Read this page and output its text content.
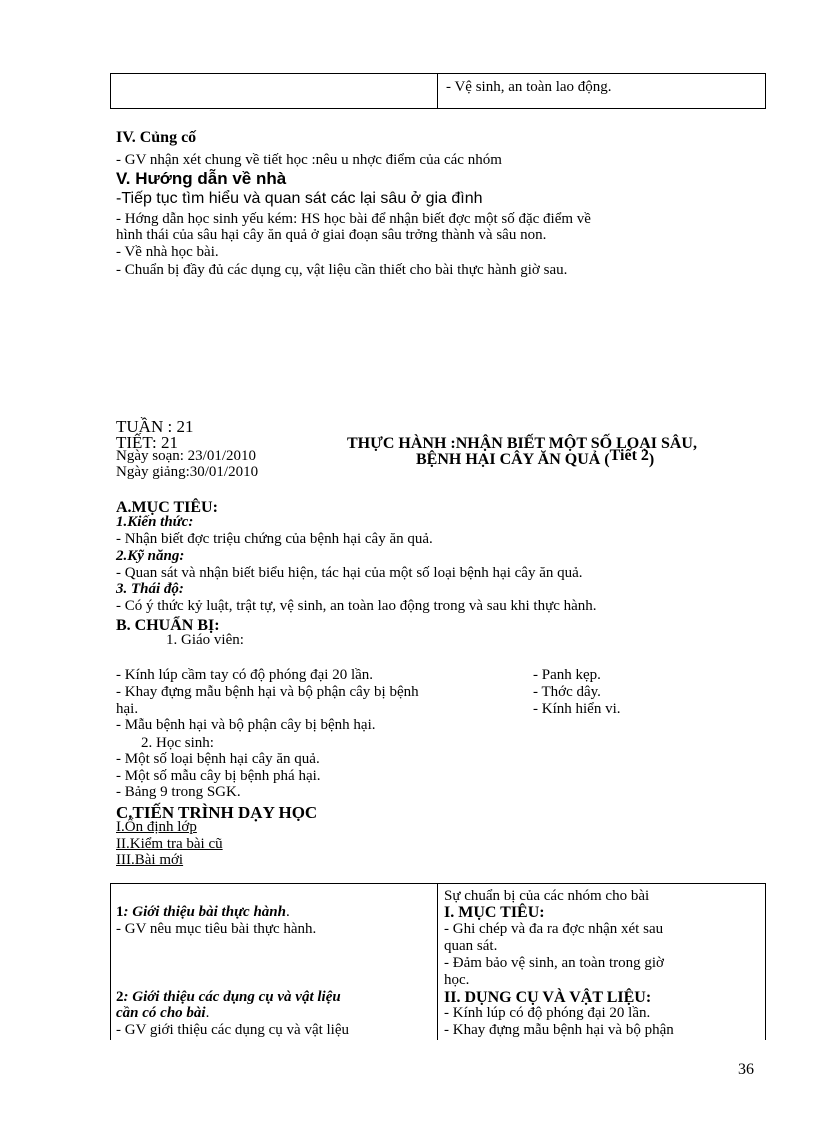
- Vệ sinh, an toàn lao động.
IV. Củng cố
- GV nhận xét chung về tiết học :nêu u nhợc điểm của các nhóm
V. Hướng dẫn về nhà
-Tiếp tục tìm hiểu và quan sát các lại sâu ở gia đình
- Hớng dẫn học sinh yếu kém: HS học bài để nhận biết đợc một số đặc điểm về
hình thái của sâu hại cây ăn quả ở giai đoạn sâu trởng thành và sâu non.
- Về nhà học bài.
- Chuẩn bị đầy đủ các dụng cụ, vật liệu cần thiết cho bài thực hành giờ sau.
TUẦN : 21
TIẾT: 21
Ngày soạn: 23/01/2010
Ngày giảng:30/01/2010
THỰC HÀNH :NHẬN BIẾT MỘT SỐ LOẠI SÂU,
BỆNH HẠI CÂY ĂN QUẢ (Tiết 2)
A.MỤC TIÊU:
1.Kiến thức:
- Nhận biết đợc triệu chứng của bệnh hại cây ăn quả.
2.Kỹ năng:
- Quan sát và nhận biết biểu hiện, tác hại của một số loại bệnh hại cây ăn quả.
3. Thái độ:
- Có ý thức kỷ luật, trật tự, vệ sinh, an toàn lao động trong và sau khi thực hành.
B. CHUẨN BỊ:
1. Giáo viên:
- Kính lúp cầm tay có độ phóng đại 20 lần.
- Khay đựng mẫu bệnh hại và bộ phận cây bị bệnh
hại.
- Mẫu bệnh hại và bộ phận cây bị bệnh hại.
- Panh kẹp.
- Thớc dây.
- Kính hiển vi.
2. Học sinh:
- Một số loại bệnh hại cây ăn quả.
- Một số mẫu cây bị bệnh phá hại.
- Bảng 9 trong SGK.
C.TIẾN TRÌNH DẠY HỌC
I.Ổn định lớp
II.Kiểm tra bài cũ
III.Bài mới
1: Giới thiệu bài thực hành.
- GV nêu mục tiêu bài thực hành.
2: Giới thiệu các dụng cụ và vật liệu
cần có cho bài.
- GV giới thiệu các dụng cụ và vật liệu
Sự chuẩn bị của các nhóm cho bài
I. MỤC TIÊU:
- Ghi chép và đa ra đợc nhận xét sau
quan sát.
- Đảm bảo vệ sinh, an toàn trong giờ
học.
II. DỤNG CỤ VÀ VẬT LIỆU:
- Kính lúp có độ phóng đại 20 lần.
- Khay đựng mẫu bệnh hại và bộ phận
36
